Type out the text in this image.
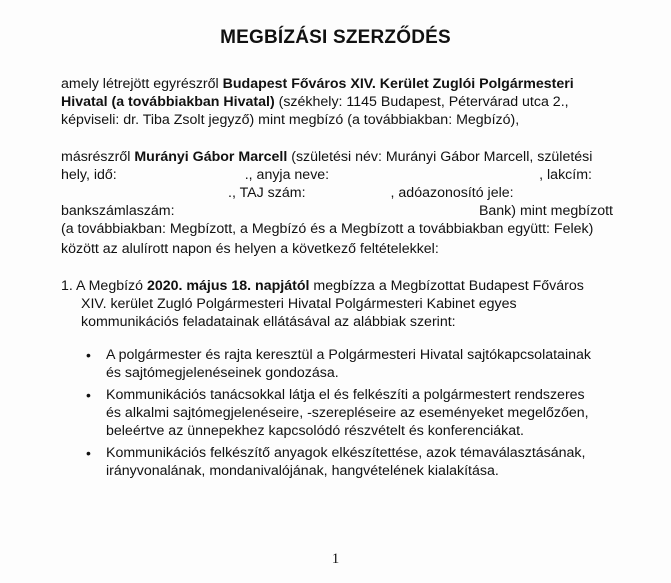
MEGBÍZÁSI SZERZŐDÉS
amely létrejött egyrészről Budapest Főváros XIV. Kerület Zuglói Polgármesteri
Hivatal (a továbbiakban Hivatal) (székhely: 1145 Budapest, Pétervárad utca 2.,
képviseli: dr. Tiba Zsolt jegyző) mint megbízó (a továbbiakban: Megbízó),
másrészről Murányi Gábor Marcell (születési név: Murányi Gábor Marcell, születési
hely, idő:	., anyja neve:	, lakcím:
., TAJ szám:	, adóazonosító jele:
bankszámlaszám:	Bank) mint megbízott
(a továbbiakban: Megbízott, a Megbízó és a Megbízott a továbbiakban együtt: Felek)
között az alulírott napon és helyen a következő feltételekkel:
1. A Megbízó 2020. május 18. napjától megbízza a Megbízottat Budapest Főváros
XIV. kerület Zugló Polgármesteri Hivatal Polgármesteri Kabinet egyes
kommunikációs feladatainak ellátásával az alábbiak szerint:
• A polgármester és rajta keresztül a Polgármesteri Hivatal sajtókapcsolatainak
és sajtómegjelenéseinek gondozása.
• Kommunikációs tanácsokkal látja el és felkészíti a polgármestert rendszeres
és alkalmi sajtómegjelenéseire, -szerepléseire az eseményeket megelőzően,
beleértve az ünnepekhez kapcsolódó részvételt és konferenciákat.
• Kommunikációs felkészítő anyagok elkészítettése, azok témaválasztásának,
irányvonalának, mondanivalójának, hangvételének kialakítása.
1
